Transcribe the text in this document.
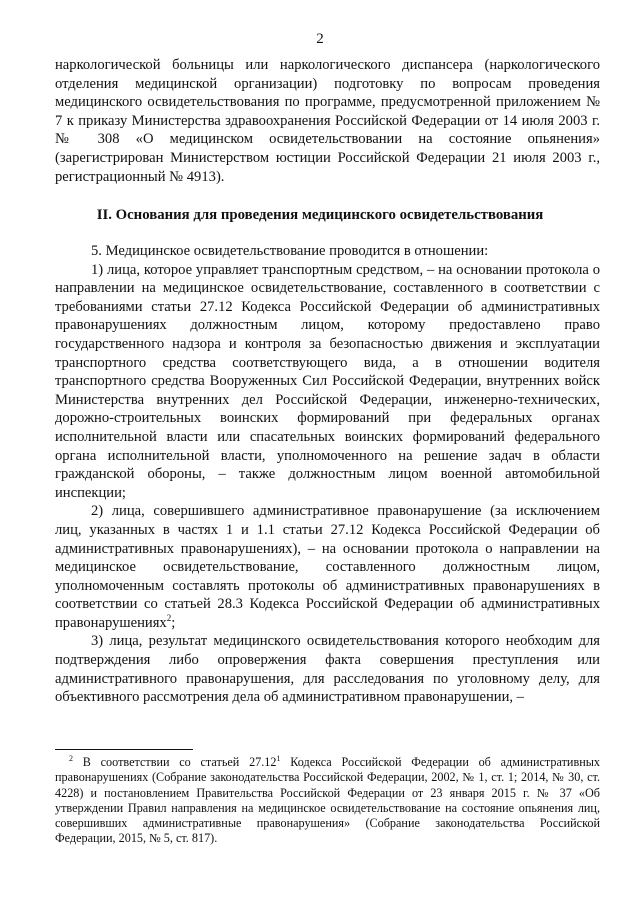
2
наркологической больницы или наркологического диспансера (наркологического отделения медицинской организации) подготовку по вопросам проведения медицинского освидетельствования по программе, предусмотренной приложением № 7 к приказу Министерства здравоохранения Российской Федерации от 14 июля 2003 г. № 308 «О медицинском освидетельствовании на состояние опьянения» (зарегистрирован Министерством юстиции Российской Федерации 21 июля 2003 г., регистрационный № 4913).
II. Основания для проведения медицинского освидетельствования

5. Медицинское освидетельствование проводится в отношении:

1) лица, которое управляет транспортным средством, – на основании протокола о направлении на медицинское освидетельствование, составленного в соответствии с требованиями статьи 27.12 Кодекса Российской Федерации об административных правонарушениях должностным лицом, которому предоставлено право государственного надзора и контроля за безопасностью движения и эксплуатации транспортного средства соответствующего вида, а в отношении водителя транспортного средства Вооруженных Сил Российской Федерации, внутренних войск Министерства внутренних дел Российской Федерации, инженерно-технических, дорожно-строительных воинских формирований при федеральных органах исполнительной власти или спасательных воинских формирований федерального органа исполнительной власти, уполномоченного на решение задач в области гражданской обороны, – также должностным лицом военной автомобильной инспекции;

2) лица, совершившего административное правонарушение (за исключением лиц, указанных в частях 1 и 1.1 статьи 27.12 Кодекса Российской Федерации об административных правонарушениях), – на основании протокола о направлении на медицинское освидетельствование, составленного должностным лицом, уполномоченным составлять протоколы об административных правонарушениях в соответствии со статьей 28.3 Кодекса Российской Федерации об административных правонарушениях$^2$;

3) лица, результат медицинского освидетельствования которого необходим для подтверждения либо опровержения факта совершения преступления или административного правонарушения, для расследования по уголовному делу, для объективного рассмотрения дела об административном правонарушении, –

$^2$ В соответствии со статьей 27.12$^1$ Кодекса Российской Федерации об административных правонарушениях (Собрание законодательства Российской Федерации, 2002, № 1, ст. 1; 2014, № 30, ст. 4228) и постановлением Правительства Российской Федерации от 23 января 2015 г. № 37 «Об утверждении Правил направления на медицинское освидетельствование на состояние опьянения лиц, совершивших административные правонарушения» (Собрание законодательства Российской Федерации, 2015, № 5, ст. 817).
